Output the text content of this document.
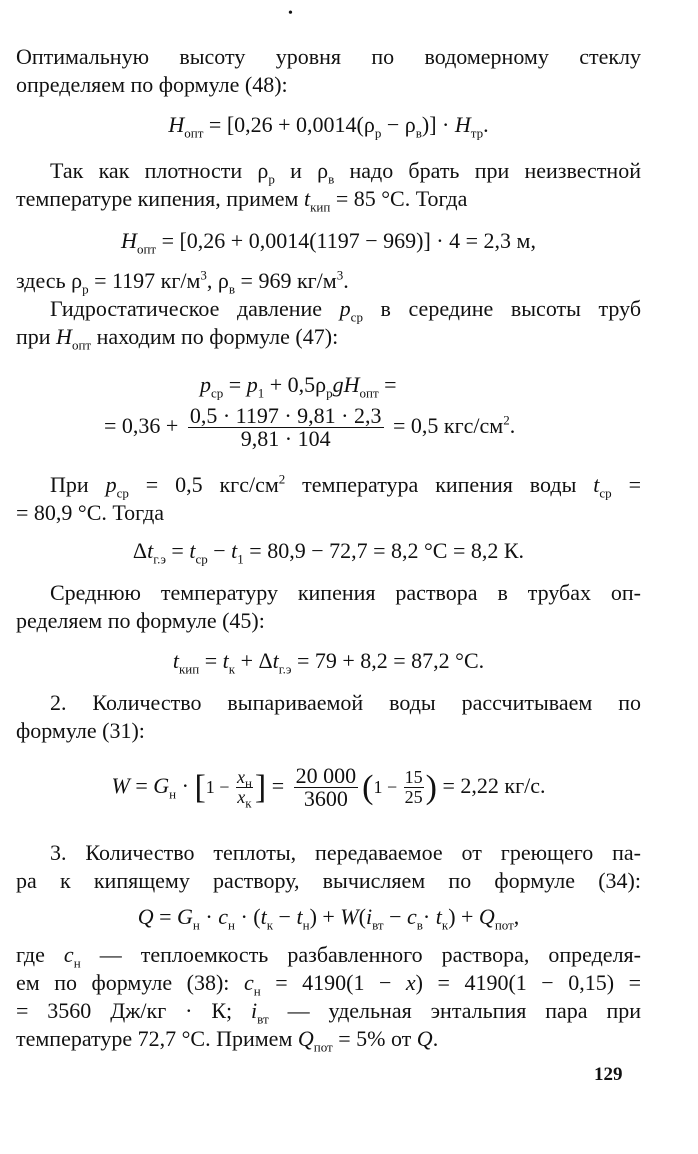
•
Оптимальную высоту уровня по водомерному стеклу
определяем по формуле (48):
$H_{опт} = [0,26 + 0,0014(\rho_р - \rho_в)] \cdot H_{тр}$.
Так как плотности $\rho_р$ и $\rho_в$ надо брать при неизвестной
температуре кипения, примем $t_{кип} = 85$ °С. Тогда
$H_{опт} = [0,26 + 0,0014(1197 - 969)] \cdot 4 = 2,3$ м,
здесь $\rho_р = 1197$ $кг/м^3$, $\rho_в = 969$ $кг/м^3$.
Гидростатическое давление $p_{ср}$ в середине высоты труб
при $H_{опт}$ находим по формуле (47):
$p_{ср} = p_1 + 0,5\rho_рgH_{опт}$ =
= $0,36 + \frac{0,5 \cdot 1197 \cdot 9,81 \cdot 2,3}{9,81 \cdot 104} = 0,5$ кгс/$см^2$.
При $p_{ср} = 0,5$ кгс/$см^2$ температура кипения воды $t_{ср}$ =
= 80,9 °С. Тогда
$\Delta t_{г.э} = t_{ср} - t_1 = 80,9 - 72,7 = 8,2$ °С = 8,2 К.
Среднюю температуру кипения раствора в трубах оп-
ределяем по формуле (45):
$t_{кип} = t_к + \Delta t_{г.э} = 79 + 8,2 = 87,2$ °С.
2. Количество выпариваемой воды рассчитываем по
формуле (31):
$W = G_н \cdot [1 - \frac{x_н}{x_к}$ ] = $\frac{20 000}{3600} (1 - \frac{15}{25}$ ) = 2,22 кг/с.
3. Количество теплоты, передаваемое от греющего па-
ра к кипящему раствору, вычисляем по формуле (34):
$Q = G_н \cdot c_н \cdot (t_к - t_н) + W(i_{вт} - c_в\cdot t_к) + Q_{пот}$,
где $c_н$ — теплоемкость разбавленного раствора, определя-
ем по формуле (38): $c_н = 4190(1 - x) = 4190(1 - 0,15)$ =
= 3560 Дж/кг · К; $i_{вт}$ — удельная энтальпия пара при
температуре 72,7 °С. Примем $Q_{пот} = 5\%$ от Q.
129
